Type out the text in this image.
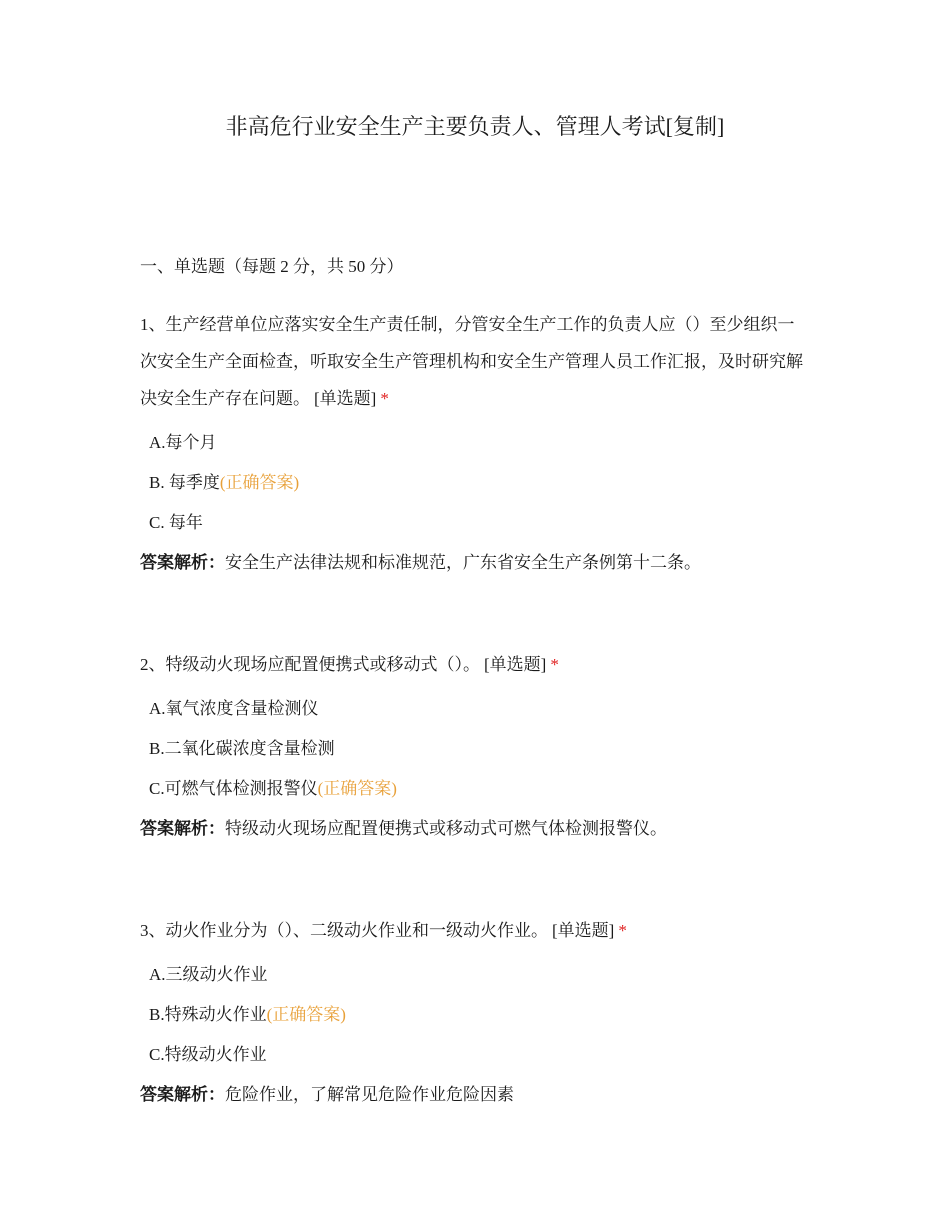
非高危行业安全生产主要负责人、管理人考试[复制]
一、单选题（每题 2 分，共 50 分）

1、生产经营单位应落实安全生产责任制，分管安全生产工作的负责人应（）至少组织一次安全生产全面检查，听取安全生产管理机构和安全生产管理人员工作汇报，及时研究解决安全生产存在问题。 [单选题] *

A.每个月
B. 每季度(正确答案)
C. 每年
答案解析：安全生产法律法规和标准规范，广东省安全生产条例第十二条。

2、特级动火现场应配置便携式或移动式（）。 [单选题] *

A.氧气浓度含量检测仪
B.二氧化碳浓度含量检测
C.可燃气体检测报警仪(正确答案)
答案解析：特级动火现场应配置便携式或移动式可燃气体检测报警仪。

3、动火作业分为（）、二级动火作业和一级动火作业。 [单选题] *

A.三级动火作业
B.特殊动火作业(正确答案)
C.特级动火作业
答案解析：危险作业，了解常见危险作业危险因素
